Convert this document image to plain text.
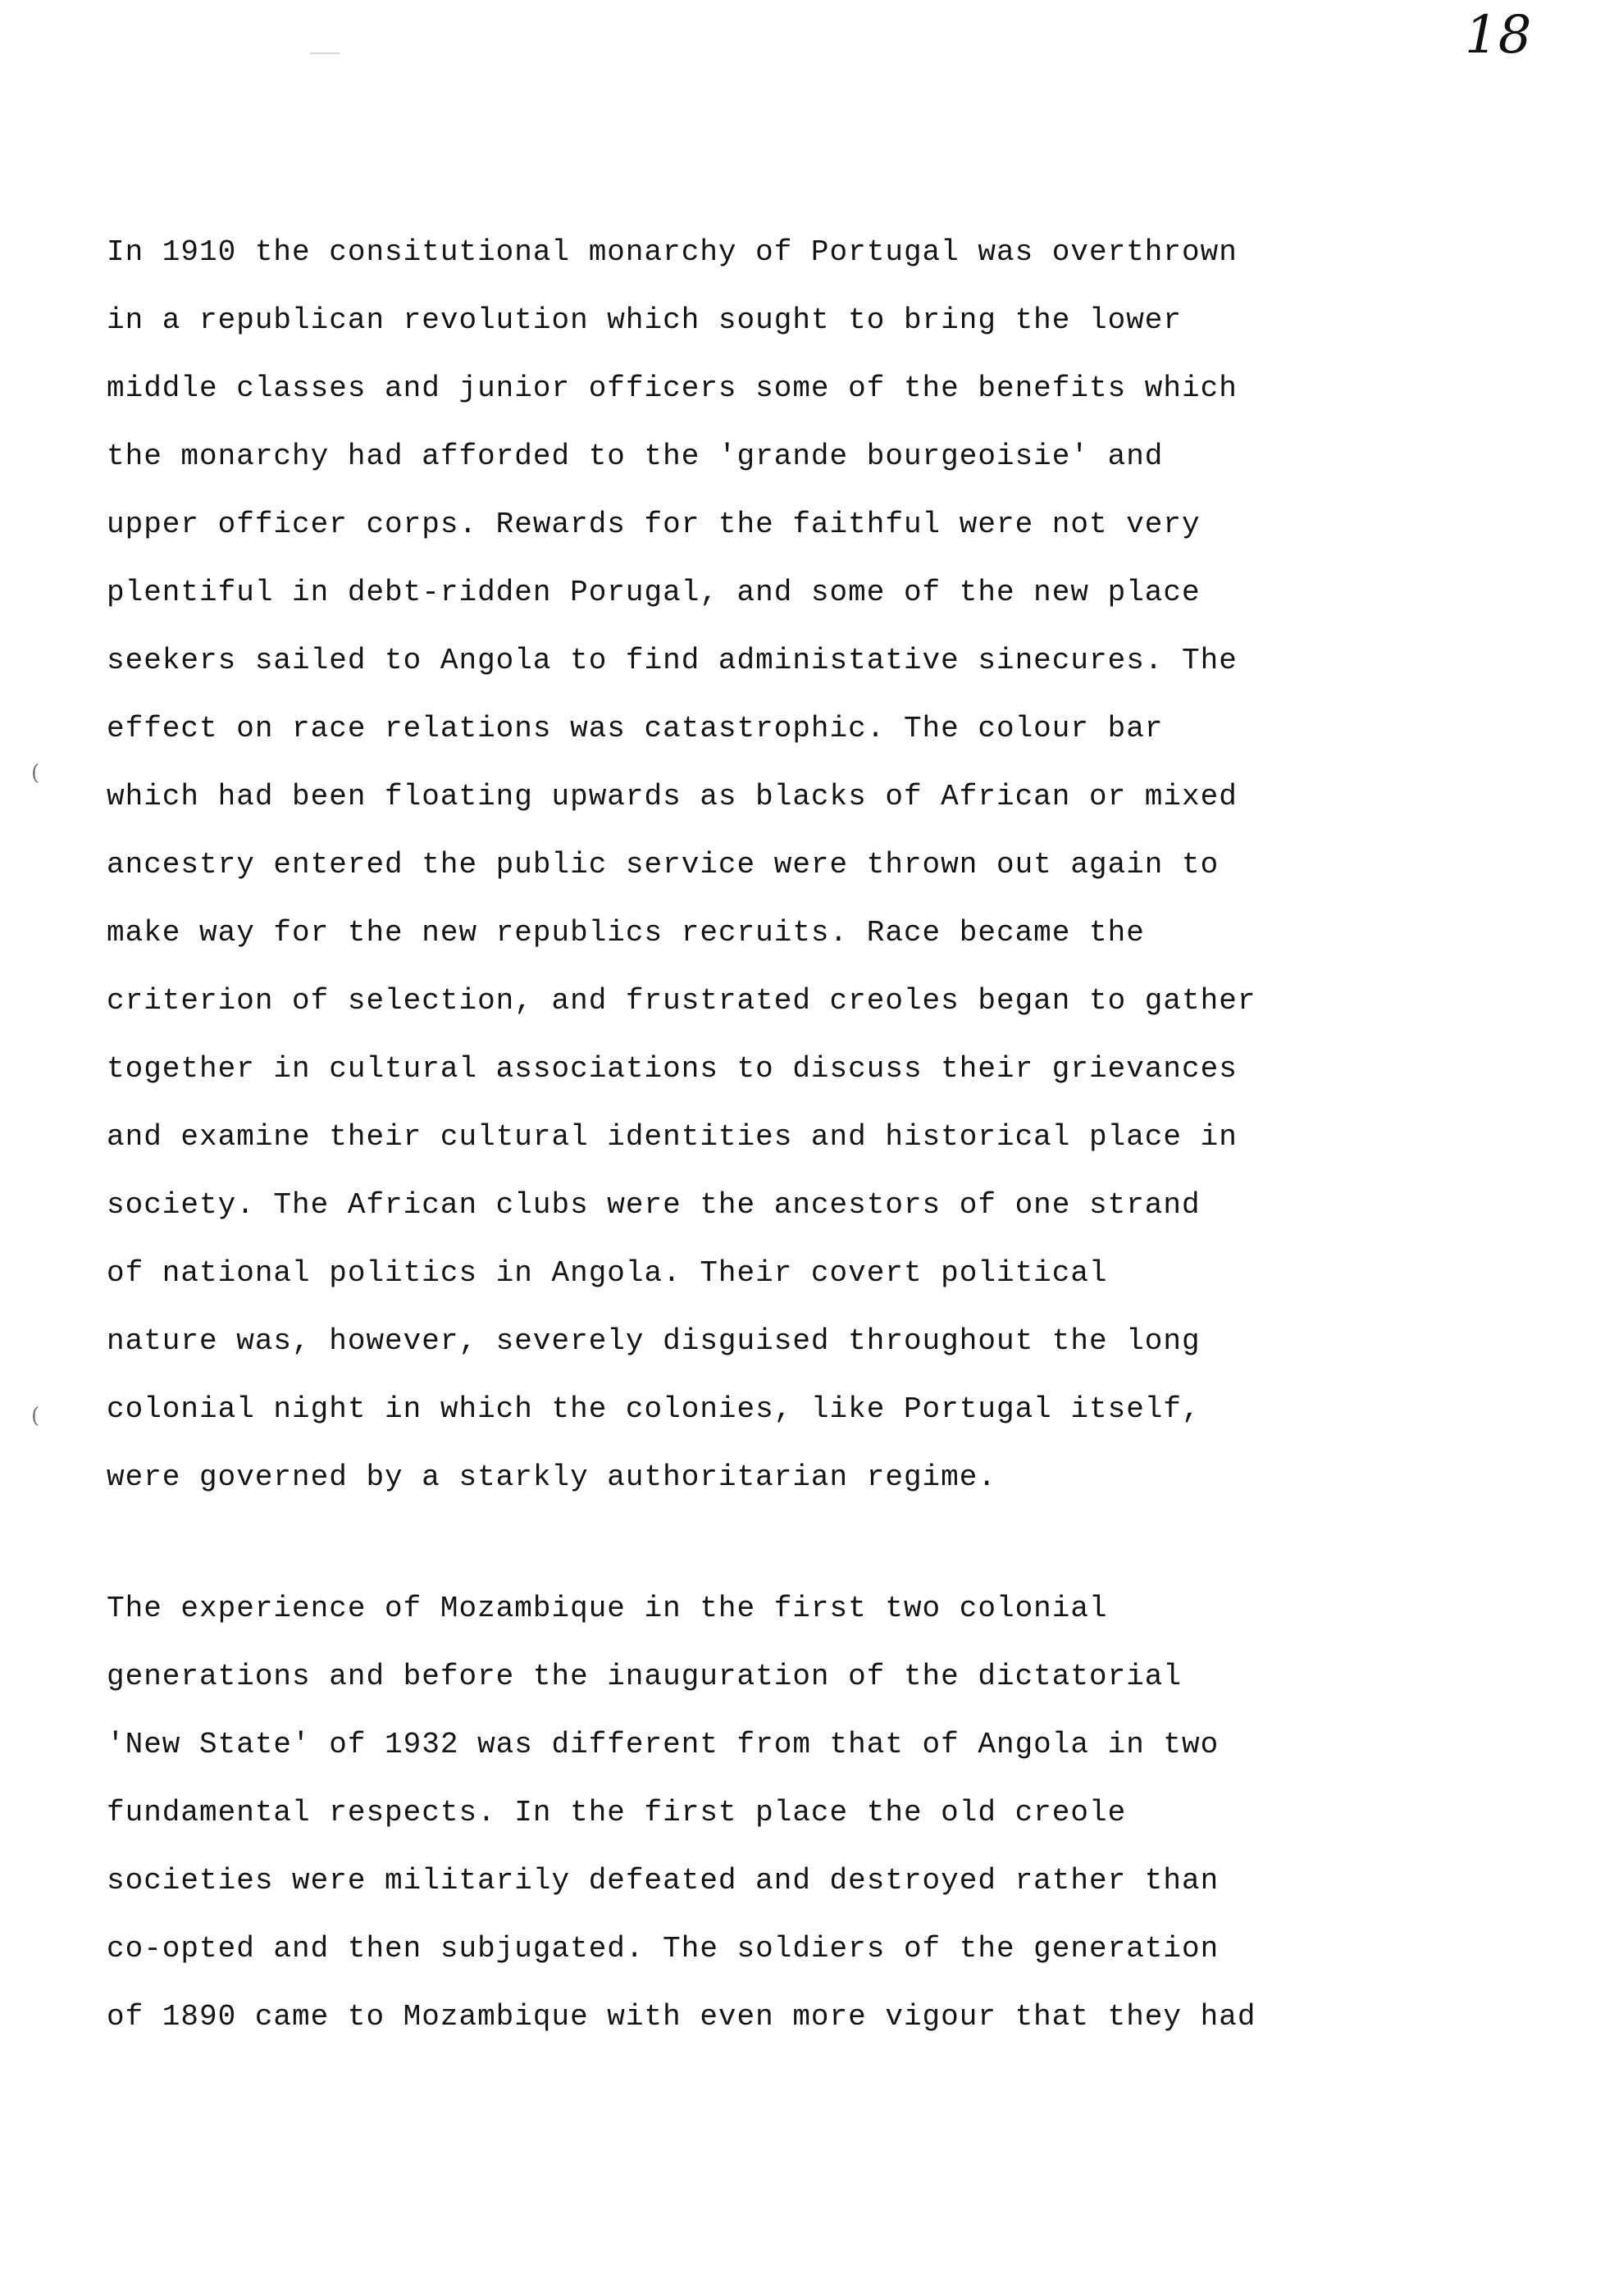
18
(
(
In 1910 the consitutional monarchy of Portugal was overthrown
in a republican revolution which sought to bring the lower
middle classes and junior officers some of the benefits which
the monarchy had afforded to the 'grande bourgeoisie' and
upper officer corps. Rewards for the faithful were not very
plentiful in debt-ridden Porugal, and some of the new place
seekers sailed to Angola to find administative sinecures. The
effect on race relations was catastrophic. The colour bar
which had been floating upwards as blacks of African or mixed
ancestry entered the public service were thrown out again to
make way for the new republics recruits. Race became the
criterion of selection, and frustrated creoles began to gather
together in cultural associations to discuss their grievances
and examine their cultural identities and historical place in
society. The African clubs were the ancestors of one strand
of national politics in Angola. Their covert political
nature was, however, severely disguised throughout the long
colonial night in which the colonies, like Portugal itself,
were governed by a starkly authoritarian regime.
The experience of Mozambique in the first two colonial
generations and before the inauguration of the dictatorial
'New State' of 1932 was different from that of Angola in two
fundamental respects. In the first place the old creole
societies were militarily defeated and destroyed rather than
co-opted and then subjugated. The soldiers of the generation
of 1890 came to Mozambique with even more vigour that they had
